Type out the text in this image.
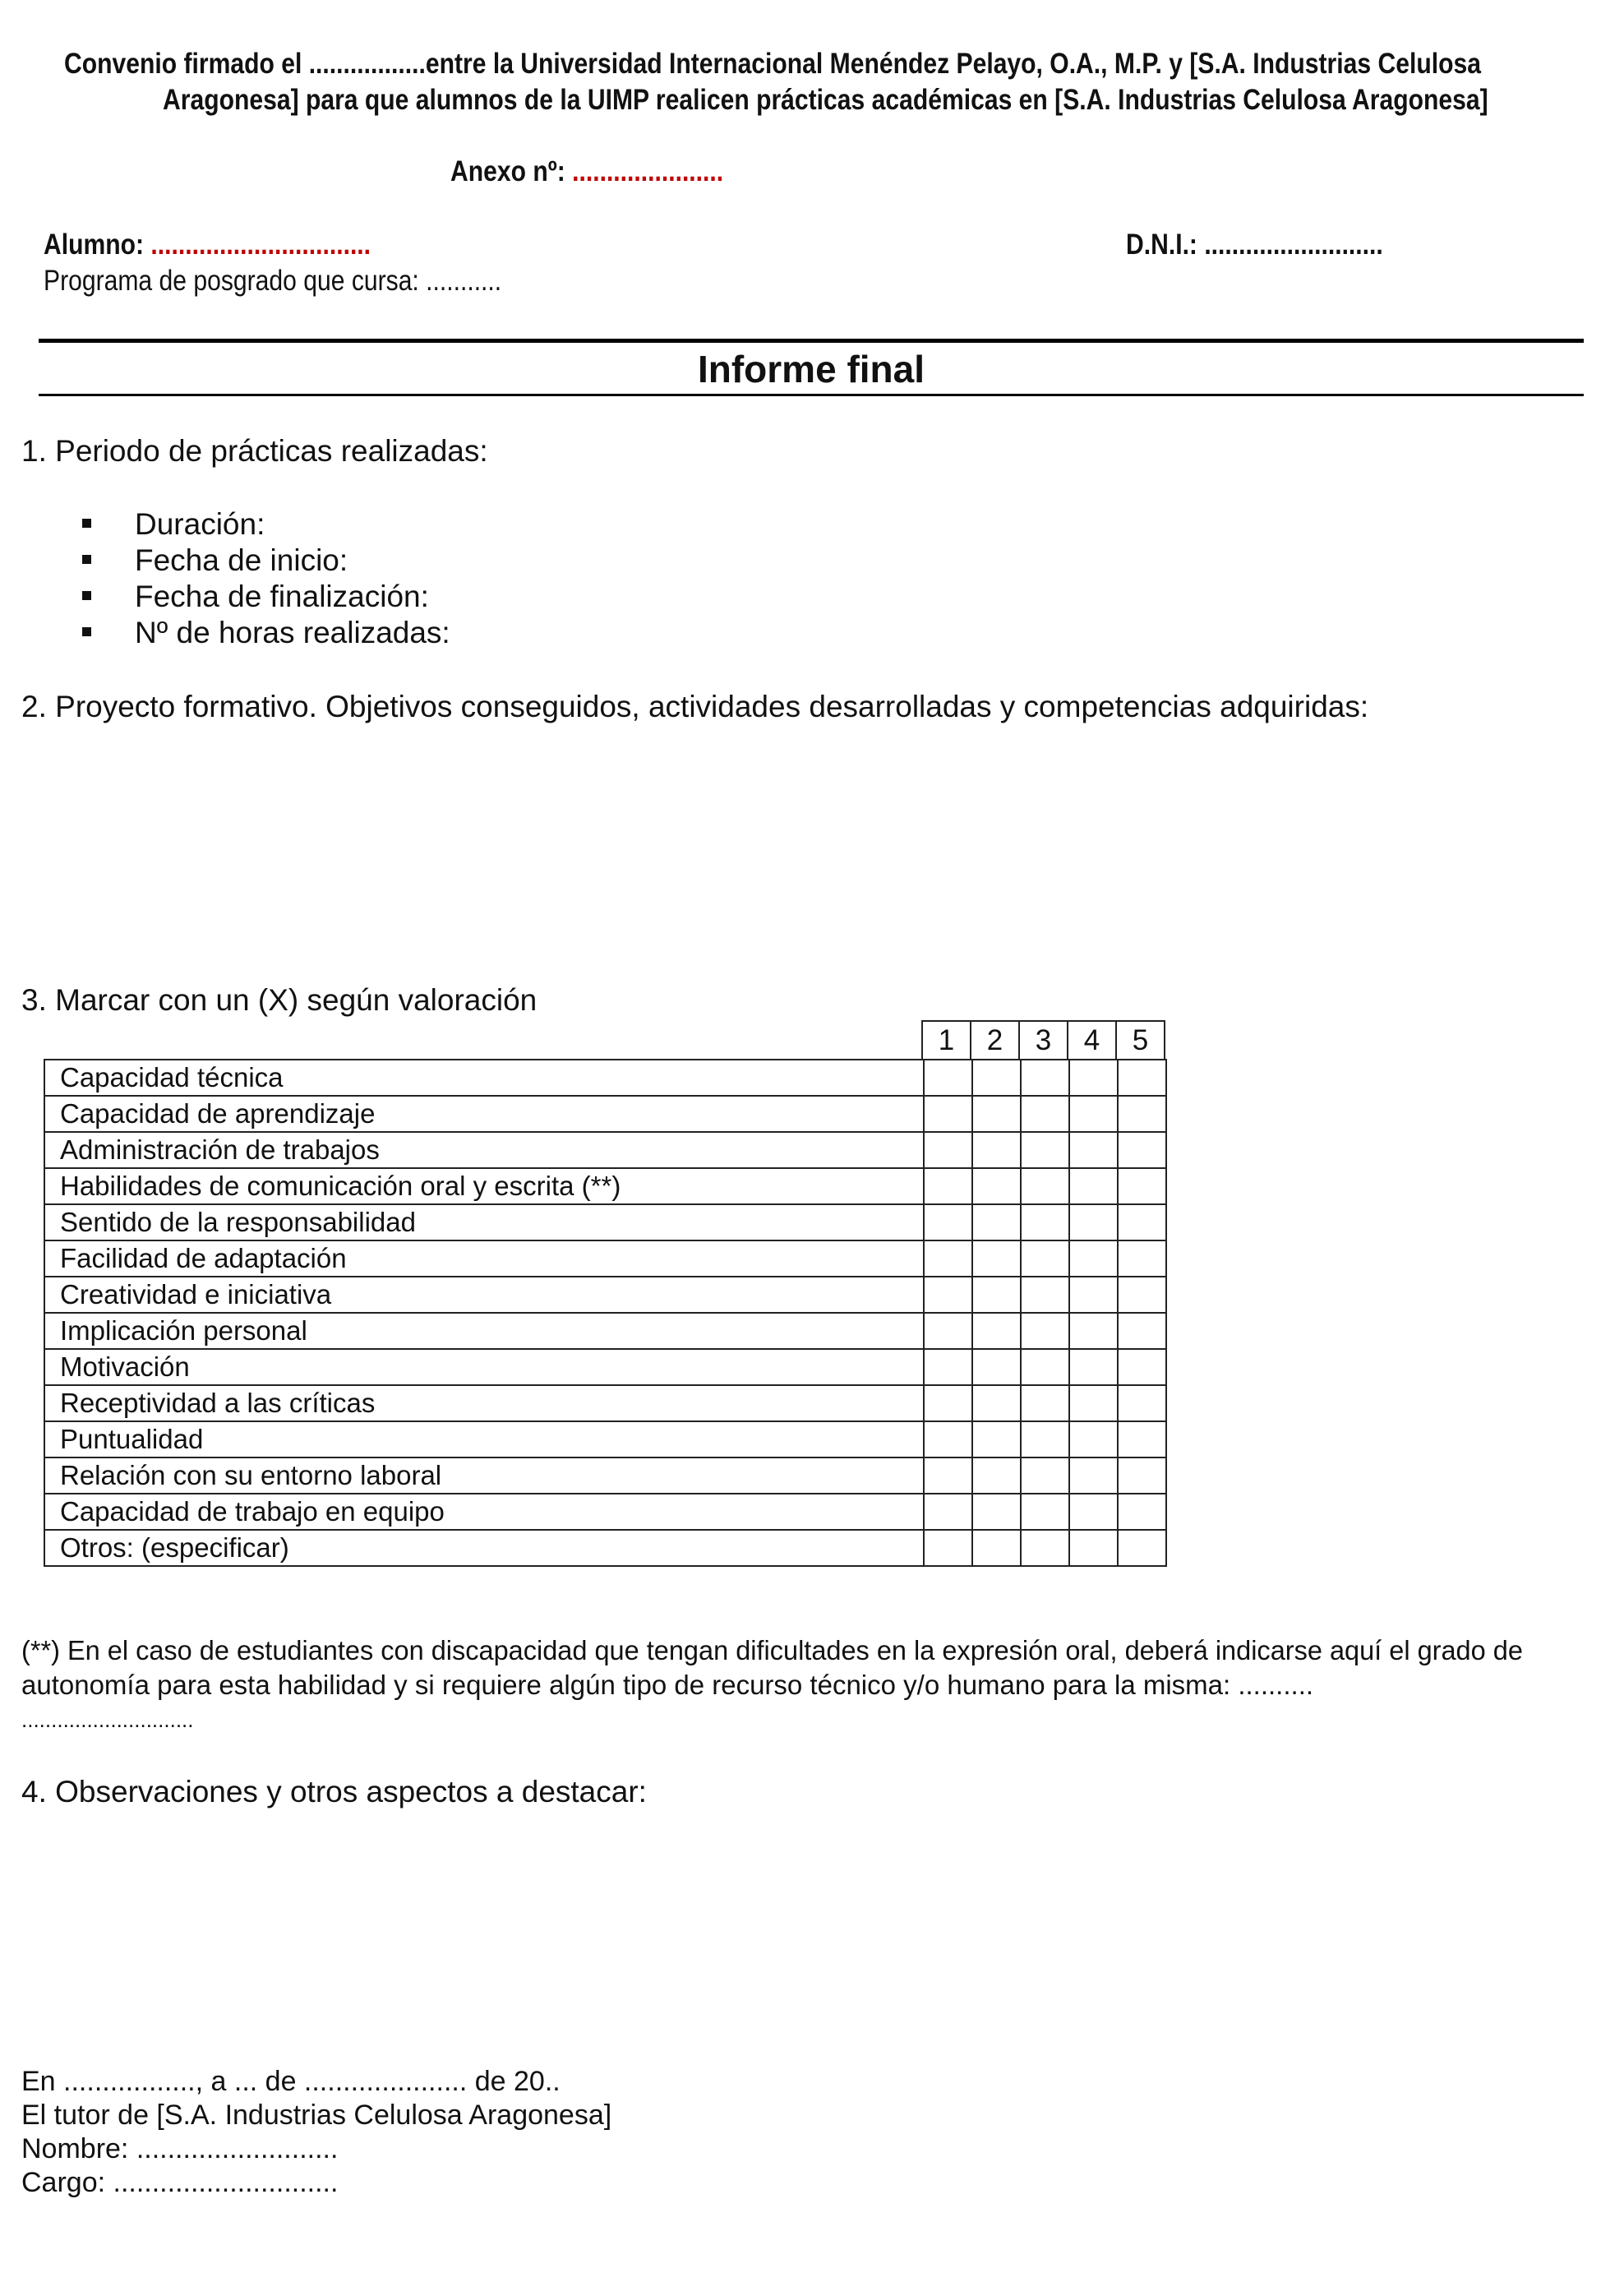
Convenio firmado el .................entre la Universidad Internacional Menéndez Pelayo, O.A., M.P. y [S.A. Industrias Celulosa
Aragonesa] para que alumnos de la UIMP realicen prácticas académicas en [S.A. Industrias Celulosa Aragonesa]
Anexo nº: ......................
Alumno: ................................	D.N.I.: ..........................
Programa de posgrado que cursa: ...........
Informe final
1. Periodo de prácticas realizadas:
Duración:
Fecha de inicio:
Fecha de finalización:
Nº de horas realizadas:
2. Proyecto formativo. Objetivos conseguidos, actividades desarrolladas y competencias adquiridas:
3. Marcar con un (X) según valoración
1	2	3	4	5
Capacidad técnica					
Capacidad de aprendizaje					
Administración de trabajos					
Habilidades de comunicación oral y escrita (**)					
Sentido de la responsabilidad					
Facilidad de adaptación					
Creatividad e iniciativa					
Implicación personal					
Motivación					
Receptividad a las críticas					
Puntualidad					
Relación con su entorno laboral					
Capacidad de trabajo en equipo					
Otros: (especificar)					
(**) En el caso de estudiantes con discapacidad que tengan dificultades en la expresión oral, deberá indicarse aquí el grado de
autonomía para esta habilidad y si requiere algún tipo de recurso técnico y/o humano para la misma: ..........
.............................
4. Observaciones y otros aspectos a destacar:
En ................., a ... de ..................... de 20..
El tutor de [S.A. Industrias Celulosa Aragonesa]
Nombre: ..........................
Cargo: .............................
